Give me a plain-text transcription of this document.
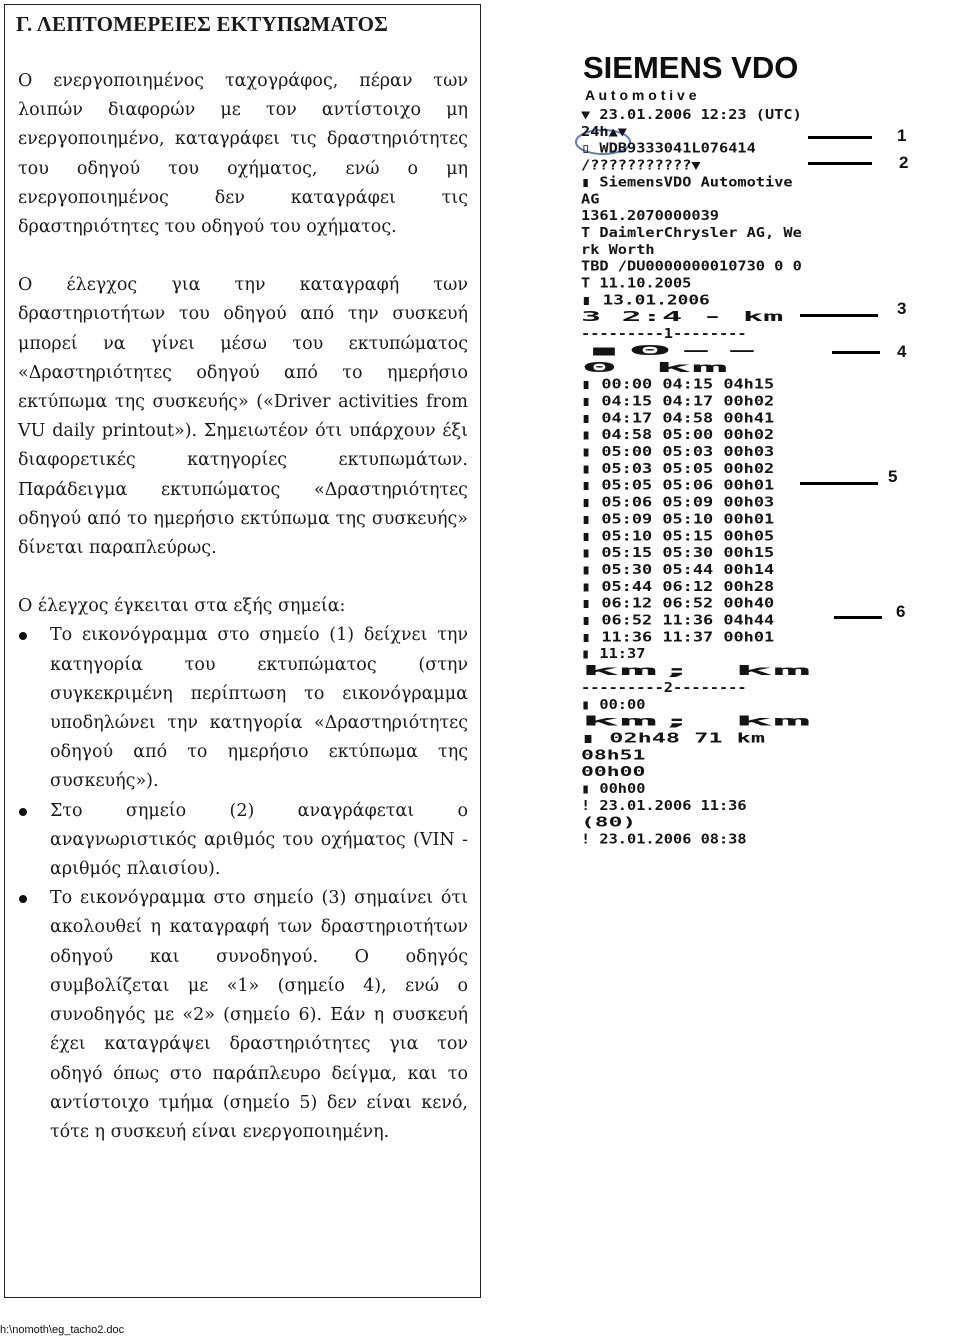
Γ. ΛΕΠΤΟΜΕΡΕΙΕΣ ΕΚΤΥΠΩΜΑΤΟΣ

Ο ενεργοποιημένος ταχογράφος, πέραν των λοιπών διαφορών με τον αντίστοιχο μη ενεργοποιημένο, καταγράφει τις δραστηριότητες του οδηγού του οχήματος, ενώ ο μη ενεργοποιημένος δεν καταγράφει τις δραστηριότητες του οδηγού του οχήματος.

Ο έλεγχος για την καταγραφή των δραστηριοτήτων του οδηγού από την συσκευή μπορεί να γίνει μέσω του εκτυπώματος «Δραστηριότητες οδηγού από το ημερήσιο εκτύπωμα της συσκευής» («Driver activities from VU daily printout»). Σημειωτέον ότι υπάρχουν έξι διαφορετικές κατηγορίες εκτυπωμάτων. Παράδειγμα εκτυπώματος «Δραστηριότητες οδηγού από το ημερήσιο εκτύπωμα της συσκευής» δίνεται παραπλεύρως.

Ο έλεγχος έγκειται στα εξής σημεία:

Το εικονόγραμμα στο σημείο (1) δείχνει την κατηγορία του εκτυπώματος (στην συγκεκριμένη περίπτωση το εικονόγραμμα υποδηλώνει την κατηγορία «Δραστηριότητες οδηγού από το ημερήσιο εκτύπωμα της συσκευής»).
Στο σημείο (2) αναγράφεται ο αναγνωριστικός αριθμός του οχήματος (VIN - αριθμός πλαισίου).
Το εικονόγραμμα στο σημείο (3) σημαίνει ότι ακολουθεί η καταγραφή των δραστηριοτήτων οδηγού και συνοδηγού. Ο οδηγός συμβολίζεται με «1» (σημείο 4), ενώ ο συνοδηγός με «2» (σημείο 6). Εάν η συσκευή έχει καταγράψει δραστηριότητες για τον οδηγό όπως στο παράπλευρο δείγμα, και το αντίστοιχο τμήμα (σημείο 5) δεν είναι κενό, τότε η συσκευή είναι ενεργοποιημένη.
SIEMENS VDO
A u t o m o t i v e
▼ 23.01.2006 12:23 (UTC)
24h▲▼
▯ WDB9333041L076414
/???????????▼
▮ SiemensVDO Automotive
AG
1361.2070000039
T DaimlerChrysler AG, We
rk Worth
TBD /DU0000000010730 0 0
T 11.10.2005
▮ 13.01.2006
3 2:4 - km
---------1--------
▮0--
0 km
▮ 00:00 04:15 04h15
▮ 04:15 04:17 00h02
▮ 04:17 04:58 00h41
▮ 04:58 05:00 00h02
▮ 05:00 05:03 00h03
▮ 05:03 05:05 00h02
▮ 05:05 05:06 00h01
▮ 05:06 05:09 00h03
▮ 05:09 05:10 00h01
▮ 05:10 05:15 00h05
▮ 05:15 05:30 00h15
▮ 05:30 05:44 00h14
▮ 05:44 06:12 00h28
▮ 06:12 06:52 00h40
▮ 06:52 11:36 04h44
▮ 11:36 11:37 00h01
▮ 11:37
km; km
---------2--------
▮ 00:00
km; km
▮ 02h48 71 km
08h51
00h00
▮ 00h00
! 23.01.2006 11:36
(80)
! 23.01.2006 08:38
1
2
3
4
5
6
h:\nomoth\eg_tacho2.doc
